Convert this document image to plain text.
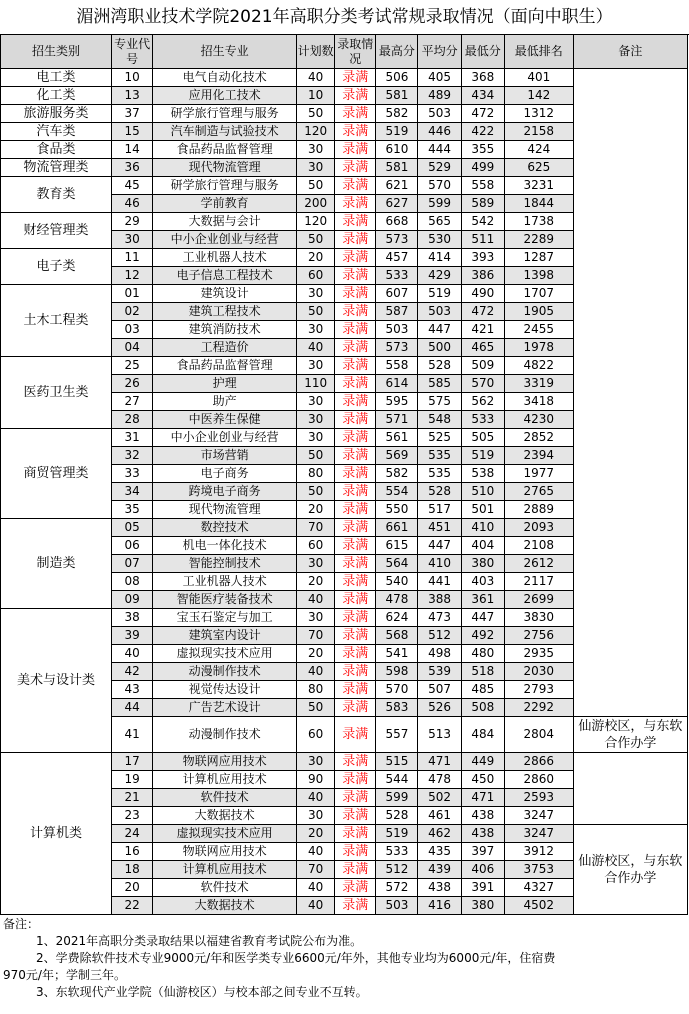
湄洲湾职业技术学院2021年高职分类考试常规录取情况（面向中职生）
招生类别	专业代号	招生专业	计划数	录取情况	最高分	平均分	最低分	最低排名	备注
电工类	10	电气自动化技术	40	录满	506	405	368	401	
化工类	13	应用化工技术	10	录满	581	489	434	142	
旅游服务类	37	研学旅行管理与服务	50	录满	582	503	472	1312	
汽车类	15	汽车制造与试验技术	120	录满	519	446	422	2158	
食品类	14	食品药品监督管理	30	录满	610	444	355	424	
物流管理类	36	现代物流管理	30	录满	581	529	499	625	
教育类	45	研学旅行管理与服务	50	录满	621	570	558	3231	
	46	学前教育	200	录满	627	599	589	1844	
财经管理类	29	大数据与会计	120	录满	668	565	542	1738	
	30	中小企业创业与经营	50	录满	573	530	511	2289	
电子类	11	工业机器人技术	20	录满	457	414	393	1287	
	12	电子信息工程技术	60	录满	533	429	386	1398	
土木工程类	01	建筑设计	30	录满	607	519	490	1707	
	02	建筑工程技术	50	录满	587	503	472	1905	
	03	建筑消防技术	30	录满	503	447	421	2455	
	04	工程造价	40	录满	573	500	465	1978	
医药卫生类	25	食品药品监督管理	30	录满	558	528	509	4822	
	26	护理	110	录满	614	585	570	3319	
	27	助产	30	录满	595	575	562	3418	
	28	中医养生保健	30	录满	571	548	533	4230	
商贸管理类	31	中小企业创业与经营	30	录满	561	525	505	2852	
	32	市场营销	50	录满	569	535	519	2394	
	33	电子商务	80	录满	582	535	538	1977	
	34	跨境电子商务	50	录满	554	528	510	2765	
	35	现代物流管理	20	录满	550	517	501	2889	
制造类	05	数控技术	70	录满	661	451	410	2093	
	06	机电一体化技术	60	录满	615	447	404	2108	
	07	智能控制技术	30	录满	564	410	380	2612	
	08	工业机器人技术	20	录满	540	441	403	2117	
	09	智能医疗装备技术	40	录满	478	388	361	2699	
美术与设计类	38	宝玉石鉴定与加工	30	录满	624	473	447	3830	
	39	建筑室内设计	70	录满	568	512	492	2756	
	40	虚拟现实技术应用	20	录满	541	498	480	2935	
	42	动漫制作技术	40	录满	598	539	518	2030	
	43	视觉传达设计	80	录满	570	507	485	2793	
	44	广告艺术设计	50	录满	583	526	508	2292	
	41	动漫制作技术	60	录满	557	513	484	2804	仙游校区，与东软合作办学
计算机类	17	物联网应用技术	30	录满	515	471	449	2866	
	19	计算机应用技术	90	录满	544	478	450	2860	
	21	软件技术	40	录满	599	502	471	2593	
	23	大数据技术	30	录满	528	461	438	3247	
	24	虚拟现实技术应用	20	录满	519	462	438	3247	仙游校区，与东软合作办学
	16	物联网应用技术	40	录满	533	435	397	3912	
	18	计算机应用技术	70	录满	512	439	406	3753	
	20	软件技术	40	录满	572	438	391	4327	
	22	大数据技术	40	录满	503	416	380	4502	
备注：
1、2021年高职分类录取结果以福建省教育考试院公布为准。
2、学费除软件技术专业9000元/年和医学类专业6600元/年外，其他专业均为6000元/年，住宿费
970元/年；学制三年。
3、东软现代产业学院（仙游校区）与校本部之间专业不互转。
